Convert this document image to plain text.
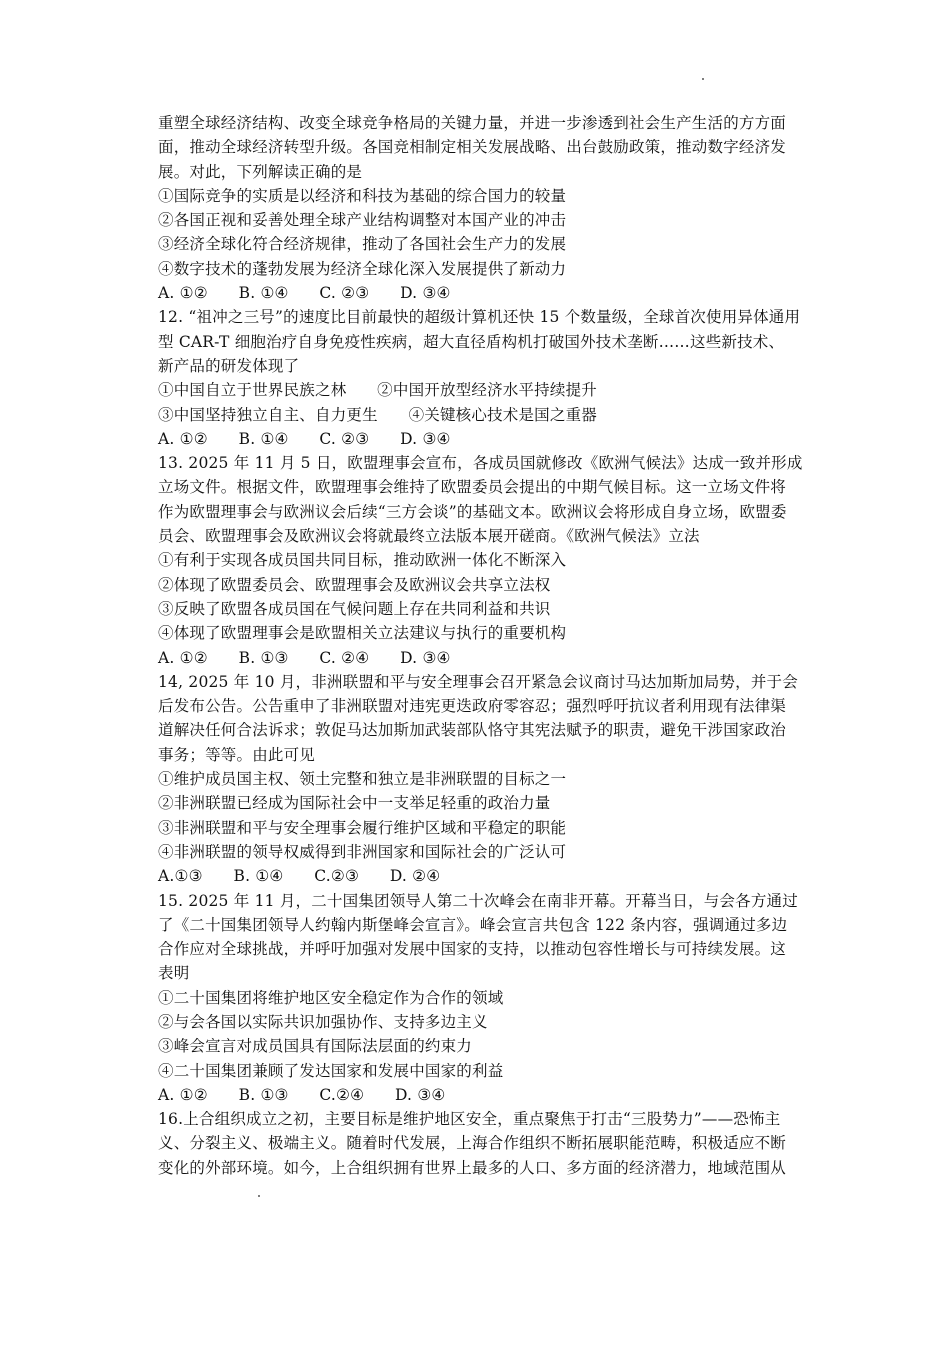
重塑全球经济结构、改变全球竞争格局的关键力量，并进一步渗透到社会生产生活的方方面
面，推动全球经济转型升级。各国竞相制定相关发展战略、出台鼓励政策，推动数字经济发
展。对此，下列解读正确的是
①国际竞争的实质是以经济和科技为基础的综合国力的较量
②各国正视和妥善处理全球产业结构调整对本国产业的冲击
③经济全球化符合经济规律，推动了各国社会生产力的发展
④数字技术的蓬勃发展为经济全球化深入发展提供了新动力
A. ①②      B. ①④      C. ②③      D. ③④
12. “祖冲之三号”的速度比目前最快的超级计算机还快 15 个数量级，全球首次使用异体通用
型 CAR-T 细胞治疗自身免疫性疾病，超大直径盾构机打破国外技术垄断……这些新技术、
新产品的研发体现了
①中国自立于世界民族之林      ②中国开放型经济水平持续提升
③中国坚持独立自主、自力更生      ④关键核心技术是国之重器
A. ①②      B. ①④      C. ②③      D. ③④
13. 2025 年 11 月 5 日，欧盟理事会宣布，各成员国就修改《欧洲气候法》达成一致并形成
立场文件。根据文件，欧盟理事会维持了欧盟委员会提出的中期气候目标。这一立场文件将
作为欧盟理事会与欧洲议会后续“三方会谈”的基础文本。欧洲议会将形成自身立场，欧盟委
员会、欧盟理事会及欧洲议会将就最终立法版本展开磋商。《欧洲气候法》立法
①有利于实现各成员国共同目标，推动欧洲一体化不断深入
②体现了欧盟委员会、欧盟理事会及欧洲议会共享立法权
③反映了欧盟各成员国在气候问题上存在共同利益和共识
④体现了欧盟理事会是欧盟相关立法建议与执行的重要机构
A. ①②      B. ①③      C. ②④      D. ③④
14, 2025 年 10 月，非洲联盟和平与安全理事会召开紧急会议商讨马达加斯加局势，并于会
后发布公告。公告重申了非洲联盟对违宪更迭政府零容忍；强烈呼吁抗议者利用现有法律渠
道解决任何合法诉求；敦促马达加斯加武装部队恪守其宪法赋予的职责，避免干涉国家政治
事务；等等。由此可见
①维护成员国主权、领土完整和独立是非洲联盟的目标之一
②非洲联盟已经成为国际社会中一支举足轻重的政治力量
③非洲联盟和平与安全理事会履行维护区域和平稳定的职能
④非洲联盟的领导权威得到非洲国家和国际社会的广泛认可
A.①③      B. ①④      C.②③      D. ②④
15. 2025 年 11 月，二十国集团领导人第二十次峰会在南非开幕。开幕当日，与会各方通过
了《二十国集团领导人约翰内斯堡峰会宣言》。峰会宣言共包含 122 条内容，强调通过多边
合作应对全球挑战，并呼吁加强对发展中国家的支持，以推动包容性增长与可持续发展。这
表明
①二十国集团将维护地区安全稳定作为合作的领域
②与会各国以实际共识加强协作、支持多边主义
③峰会宣言对成员国具有国际法层面的约束力
④二十国集团兼顾了发达国家和发展中国家的利益
A. ①②      B. ①③      C.②④      D. ③④
16.上合组织成立之初，主要目标是维护地区安全，重点聚焦于打击“三股势力”——恐怖主
义、分裂主义、极端主义。随着时代发展，上海合作组织不断拓展职能范畴，积极适应不断
变化的外部环境。如今，上合组织拥有世界上最多的人口、多方面的经济潜力，地域范围从
